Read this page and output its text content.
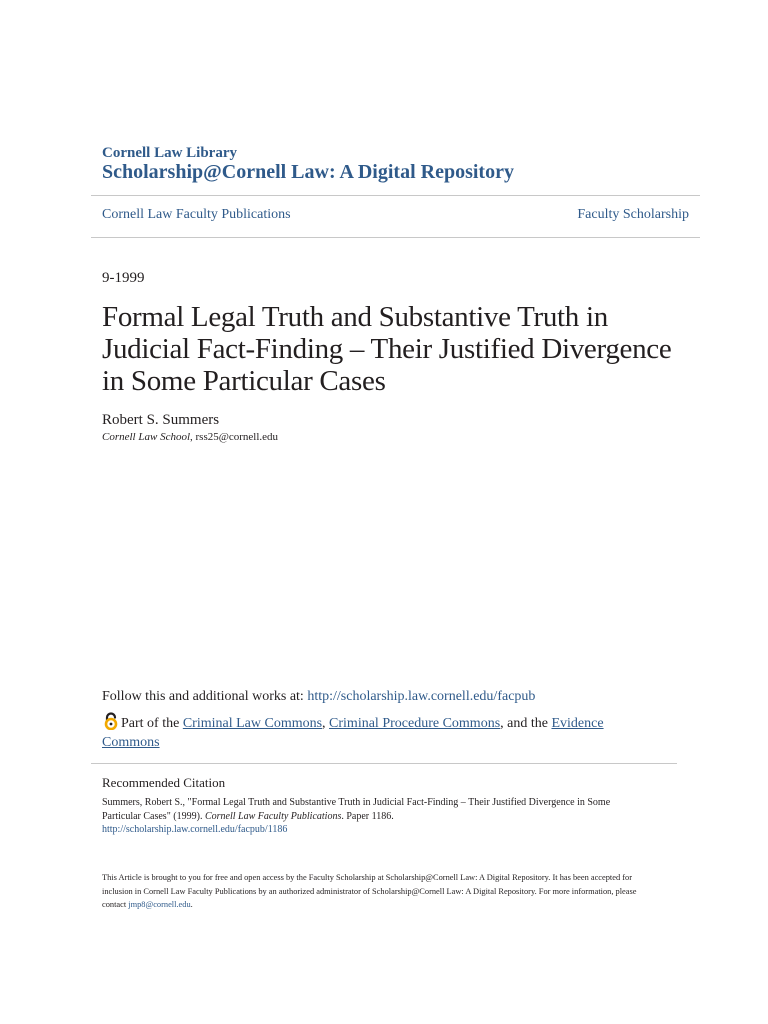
Cornell Law Library
Scholarship@Cornell Law: A Digital Repository
Cornell Law Faculty Publications	Faculty Scholarship
9-1999
Formal Legal Truth and Substantive Truth in
Judicial Fact-Finding – Their Justified Divergence
in Some Particular Cases
Robert S. Summers
Cornell Law School, rss25@cornell.edu
Follow this and additional works at: http://scholarship.law.cornell.edu/facpub
Part of the Criminal Law Commons, Criminal Procedure Commons, and the Evidence Commons
Recommended Citation
Summers, Robert S., "Formal Legal Truth and Substantive Truth in Judicial Fact-Finding – Their Justified Divergence in Some Particular Cases" (1999). Cornell Law Faculty Publications. Paper 1186.
http://scholarship.law.cornell.edu/facpub/1186
This Article is brought to you for free and open access by the Faculty Scholarship at Scholarship@Cornell Law: A Digital Repository. It has been accepted for inclusion in Cornell Law Faculty Publications by an authorized administrator of Scholarship@Cornell Law: A Digital Repository. For more information, please contact jmp8@cornell.edu.
